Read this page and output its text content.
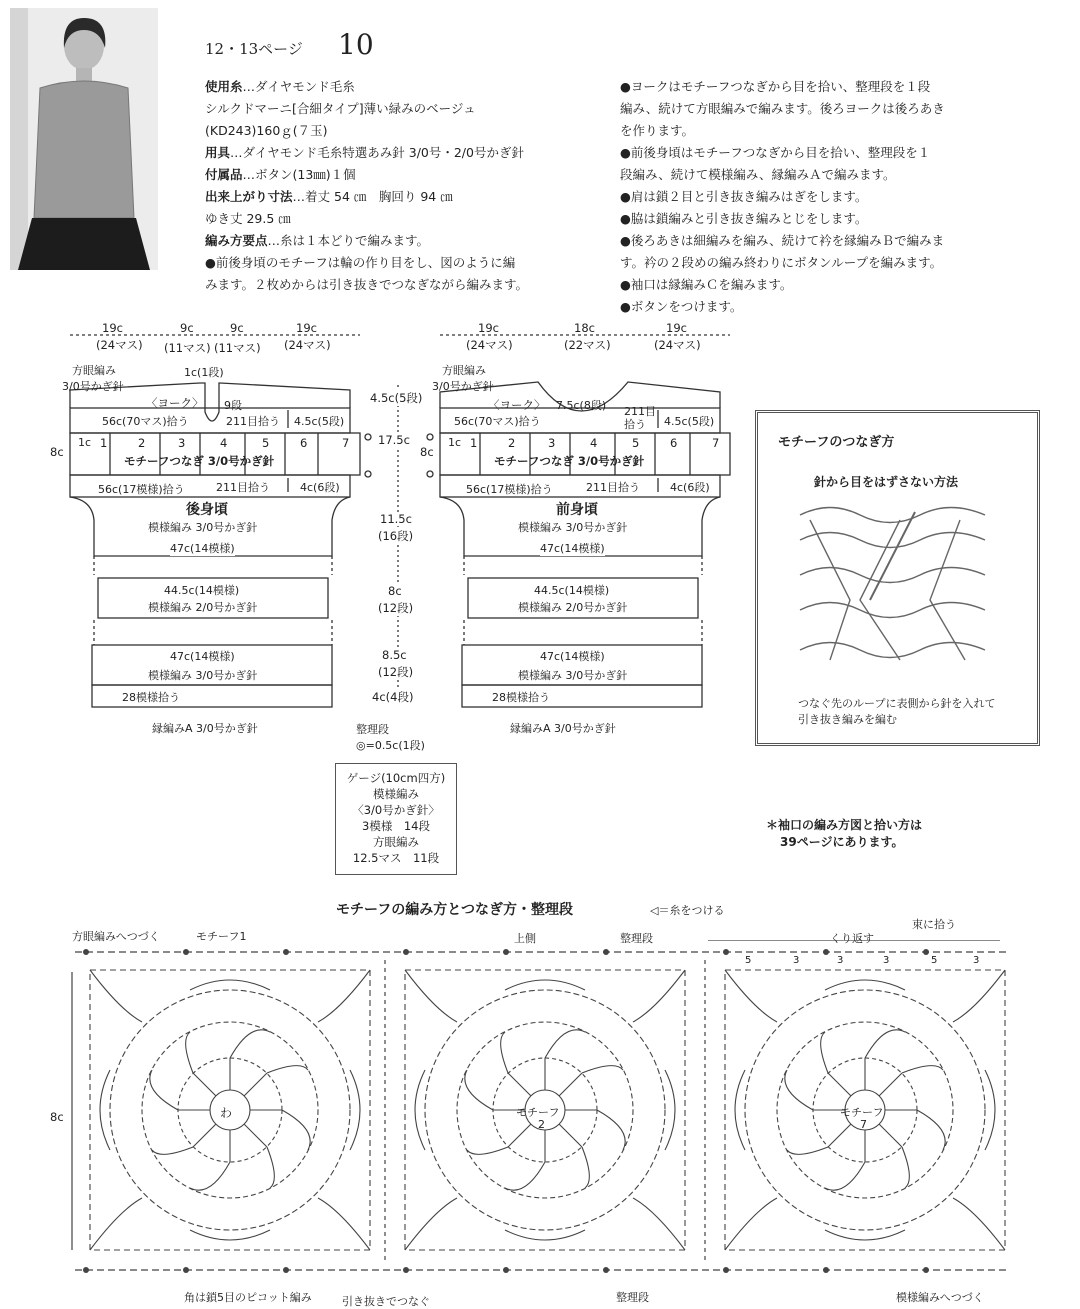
12・13ページ 10
使用糸…ダイヤモンド毛糸
シルクドマーニ[合細タイプ]薄い緑みのベージュ
(KD243)160ｇ(７玉)
用具…ダイヤモンド毛糸特選あみ針 3/0号・2/0号かぎ針
付属品…ボタン(13㎜)１個
出来上がり寸法…着丈 54 ㎝　胸回り 94 ㎝
ゆき丈 29.5 ㎝
編み方要点…糸は１本どりで編みます。
●前後身頃のモチーフは輪の作り目をし、図のように編
みます。２枚めからは引き抜きでつなぎながら編みます。
●ヨークはモチーフつなぎから目を拾い、整理段を１段
編み、続けて方眼編みで編みます。後ろヨークは後ろあき
を作ります。
●前後身頃はモチーフつなぎから目を拾い、整理段を１
段編み、続けて模様編み、縁編みＡで編みます。
●肩は鎖２目と引き抜き編みはぎをします。
●脇は鎖編みと引き抜き編みとじをします。
●後ろあきは細編みを編み、続けて衿を縁編みＢで編みま
す。衿の２段めの編み終わりにボタンループを編みます。
●袖口は縁編みＣを編みます。
●ボタンをつけます。
19c
(24マス)
9c
(11マス)
9c
(11マス)
19c
(24マス)
方眼編み
3/0号かぎ針
1c(1段)
9段
〈ヨーク〉
56c(70マス)拾う	211目拾う 4.5c(5段)
8c
1c 1	2	3	4	5	6	7
モチーフつなぎ 3/0号かぎ針
56c(17模様)拾う	211目拾う	4c(6段)
後身頃
模様編み 3/0号かぎ針
47c(14模様)
44.5c(14模様)
模様編み 2/0号かぎ針
47c(14模様)
模様編み 3/0号かぎ針
28模様拾う
縁編みA 3/0号かぎ針
19c
(24マス)
18c
(22マス)
19c
(24マス)
方眼編み
3/0号かぎ針
〈ヨーク〉 7.5c(8段) 211目
拾う 4.5c(5段)
56c(70マス)拾う
8c
1c 1	2	3	4	5	6	7
モチーフつなぎ 3/0号かぎ針
56c(17模様)拾う	211目拾う	4c(6段)
前身頃
模様編み 3/0号かぎ針
47c(14模様)
44.5c(14模様)
模様編み 2/0号かぎ針
47c(14模様)
模様編み 3/0号かぎ針
28模様拾う
縁編みA 3/0号かぎ針
4.5c(5段)
17.5c
11.5c
(16段)
8c
(12段)
8.5c
(12段)
4c(4段)
整理段
◎=0.5c(1段)
ゲージ(10cm四方)
模様編み
〈3/0号かぎ針〉
3模様　14段
方眼編み
12.5マス　11段
モチーフのつなぎ方
針から目をはずさない方法
つなぐ先のループに表側から針を入れて
引き抜き編みを編む
＊袖口の編み方図と拾い方は
39ページにあります。
モチーフの編み方とつなぎ方・整理段	◁＝糸をつける
方眼編みへつづく	モチーフ1	上側	整理段	くり返す
束に拾う
8c	わ	モチーフ
2
モチーフ
7
5	3	3	3	5	3
角は鎖5目のピコット編み	引き抜きでつなぐ	整理段	模様編みへつづく
